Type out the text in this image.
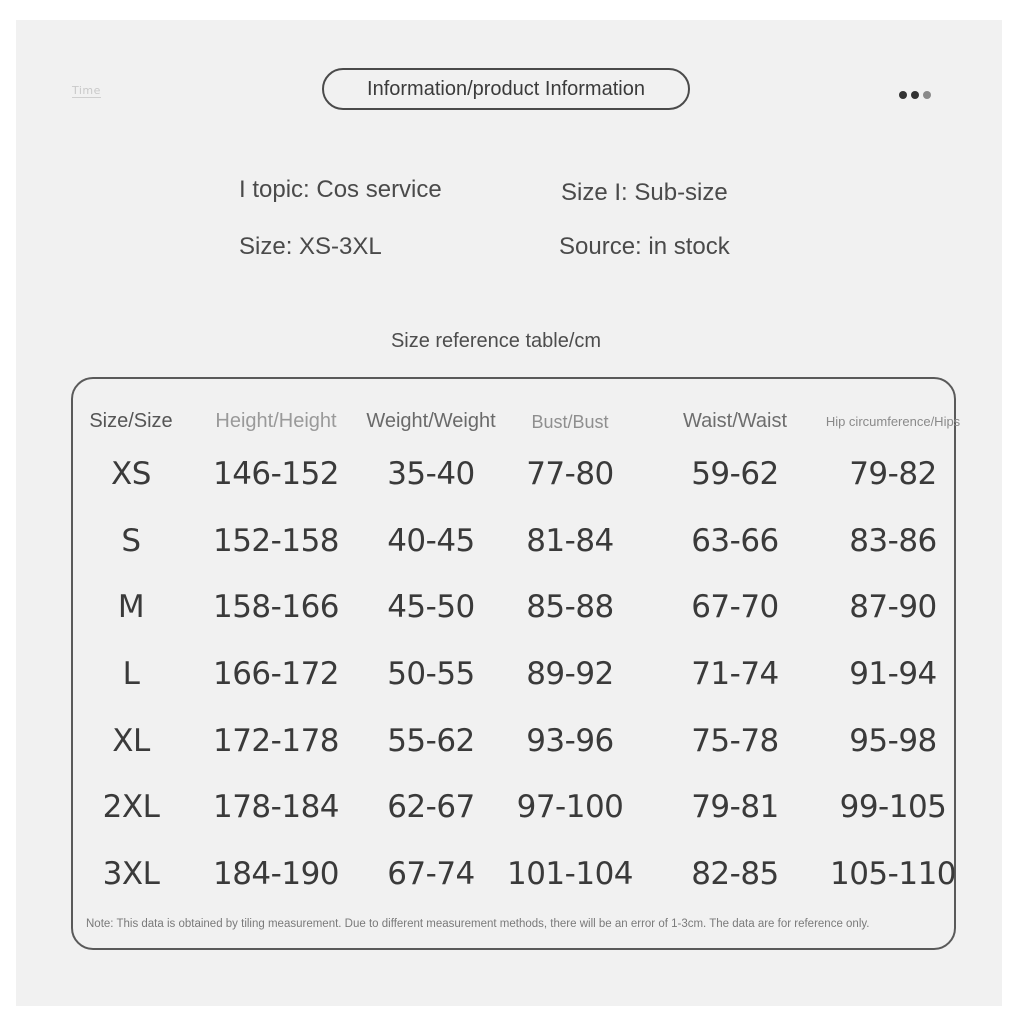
Time	Information/product Information
I topic: Cos service	Size I: Sub-size
Size: XS-3XL	Source: in stock
Size reference table/cm
Size/Size Height/Height Weight/Weight Bust/Bust	Waist/Waist	Hip circumference/Hips
XS 146-152 35-40 77-80 59-62 79-82
S 152-158 40-45 81-84 63-66 83-86
M 158-166 45-50 85-88 67-70 87-90
L 166-172 50-55 89-92 71-74 91-94
XL 172-178 55-62 93-96 75-78 95-98
2XL 178-184 62-67 97-100 79-81 99-105
3XL 184-190 67-74 101-104 82-85 105-110
Note: This data is obtained by tiling measurement. Due to different measurement methods, there will be an error of 1-3cm. The data are for reference only.
